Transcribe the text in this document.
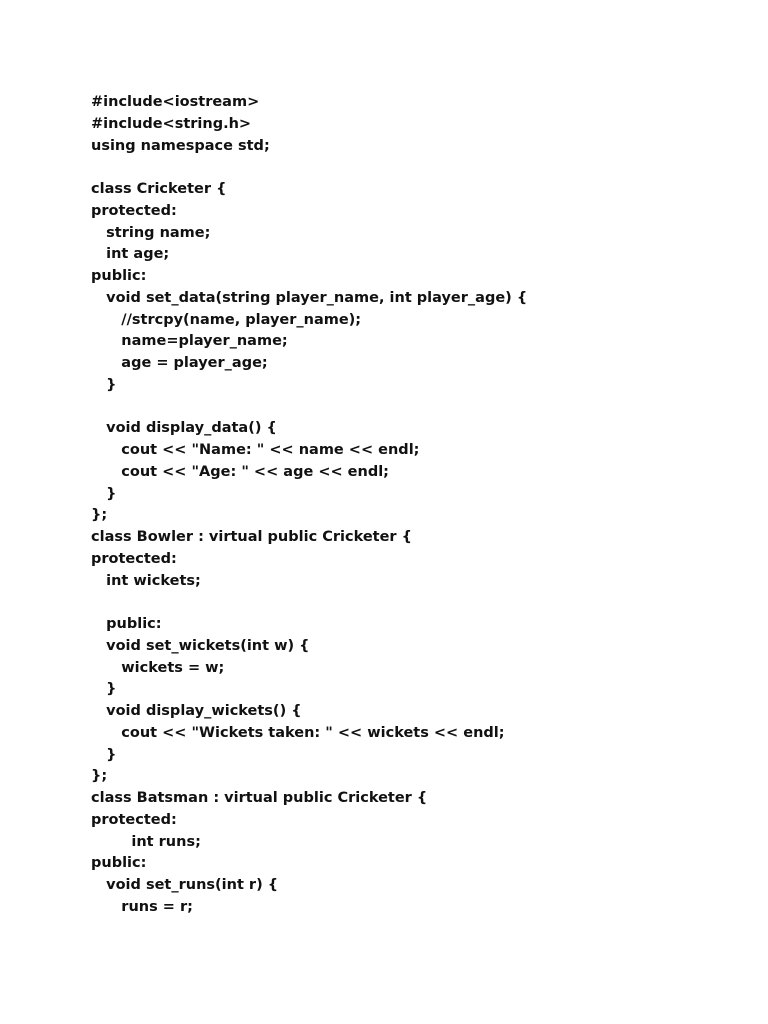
#include<iostream>
#include<string.h>
using namespace std;
class Cricketer {
protected:
string name;
int age;
public:
void set_data(string player_name, int player_age) {
//strcpy(name, player_name);
name=player_name;
age = player_age;
}
void display_data() {
cout << "Name: " << name << endl;
cout << "Age: " << age << endl;
}
};
class Bowler : virtual public Cricketer {
protected:
int wickets;
public:
void set_wickets(int w) {
wickets = w;
}
void display_wickets() {
cout << "Wickets taken: " << wickets << endl;
}
};
class Batsman : virtual public Cricketer {
protected:
int runs;
public:
void set_runs(int r) {
runs = r;
